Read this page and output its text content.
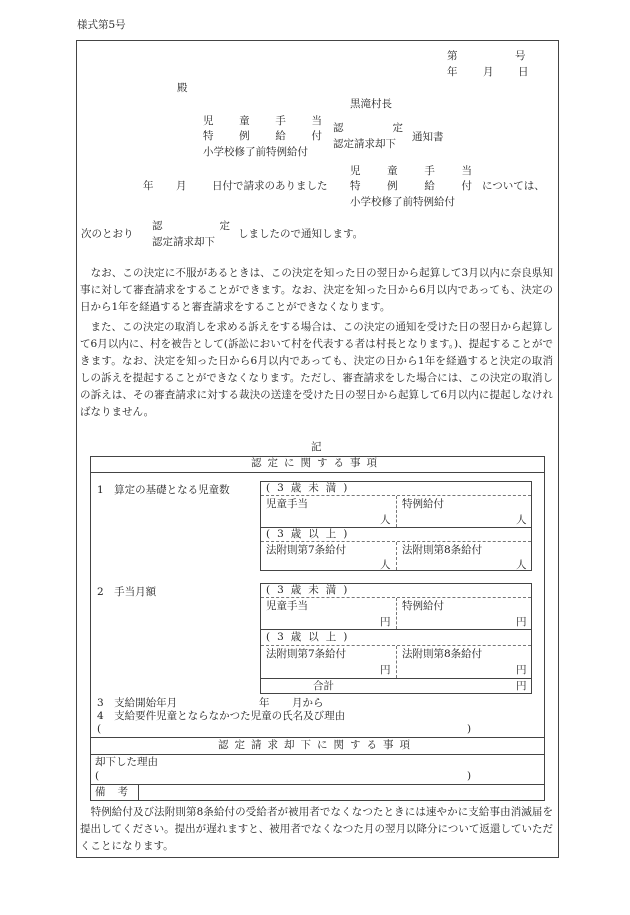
様式第5号
第	号
年 月 日
殿
黒滝村長
児 童 手 当
特 例 給 付
小学校修了前特例給付
認	定
認定請求却下
通知書
年 月 日付で請求のありました
児	童	手	当
特	例	給	付
小学校修了前特例給付
については、
次のとおり
認	定
認定請求却下
しましたので通知します。
　なお、この決定に不服があるときは、この決定を知った日の翌日から起算して3月以内に奈良県知事に対して審査請求をすることができます。なお、決定を知った日から6月以内であっても、決定の日から1年を経過すると審査請求をすることができなくなります。
　また、この決定の取消しを求める訴えをする場合は、この決定の通知を受けた日の翌日から起算して6月以内に、村を被告として(訴訟において村を代表する者は村長となります。)、提起することができます。なお、決定を知った日から6月以内であっても、決定の日から1年を経過すると決定の取消しの訴えを提起することができなくなります。ただし、審査請求をした場合には、この決定の取消しの訴えは、その審査請求に対する裁決の送達を受けた日の翌日から起算して6月以内に提起しなければなりません。
記
認定に関する事項
1　算定の基礎となる児童数	(3歳未満)
児童手当	特例給付
人	人
(3歳以上)
法附則第7条給付	法附則第8条給付
人	人
2　手当月額	(3歳未満)
児童手当	特例給付
円	円
(3歳以上)
法附則第7条給付	法附則第8条給付
円	円
合計	円
3　支給開始年月	年 月から
4　支給要件児童とならなかつた児童の氏名及び理由
(	)
認定請求却下に関する事項
却下した理由
(	)
備考
　特例給付及び法附則第8条給付の受給者が被用者でなくなつたときには速やかに支給事由消滅届を提出してください。提出が遅れますと、被用者でなくなつた月の翌月以降分について返還していただくことになります。
